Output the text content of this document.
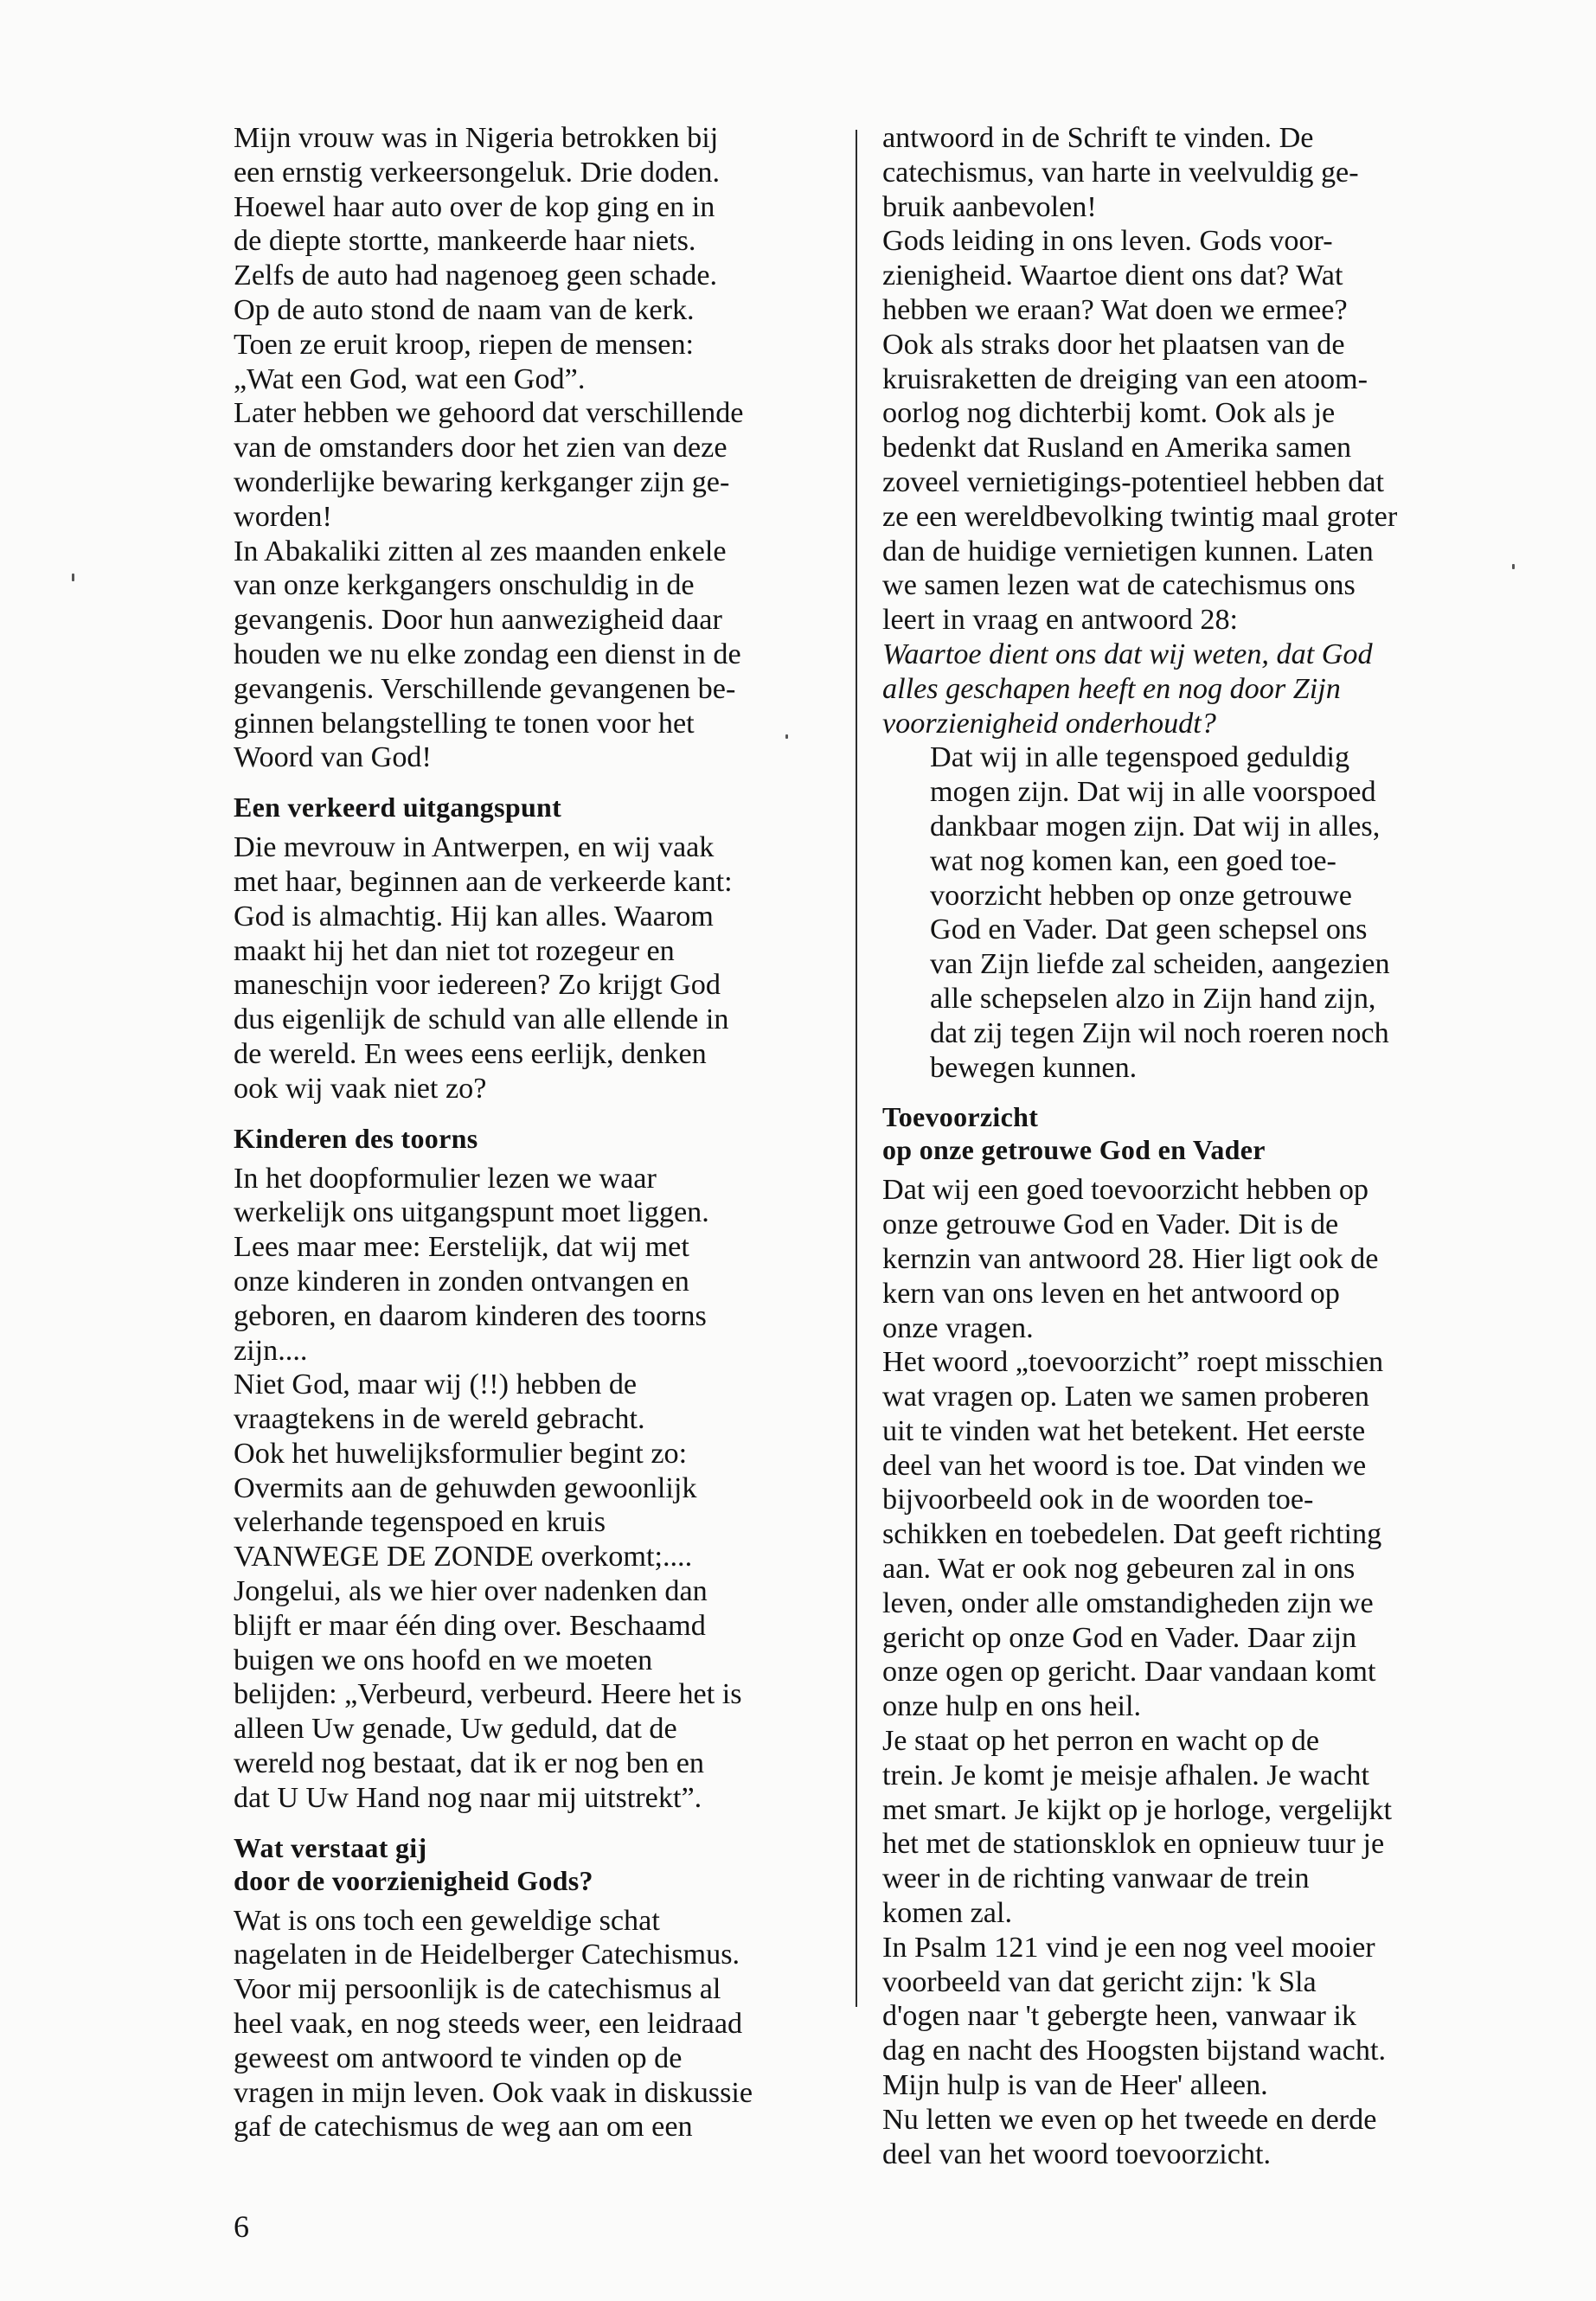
Mijn vrouw was in Nigeria betrokken bij
een ernstig verkeersongeluk. Drie doden.
Hoewel haar auto over de kop ging en in
de diepte stortte, mankeerde haar niets.
Zelfs de auto had nagenoeg geen schade.
Op de auto stond de naam van de kerk.
Toen ze eruit kroop, riepen de mensen:
„Wat een God, wat een God”.

Later hebben we gehoord dat verschillende
van de omstanders door het zien van deze
wonderlijke bewaring kerkganger zijn ge-
worden!

In Abakaliki zitten al zes maanden enkele
van onze kerkgangers onschuldig in de
gevangenis. Door hun aanwezigheid daar
houden we nu elke zondag een dienst in de
gevangenis. Verschillende gevangenen be-
ginnen belangstelling te tonen voor het
Woord van God!

Een verkeerd uitgangspunt

Die mevrouw in Antwerpen, en wij vaak
met haar, beginnen aan de verkeerde kant:
God is almachtig. Hij kan alles. Waarom
maakt hij het dan niet tot rozegeur en
maneschijn voor iedereen? Zo krijgt God
dus eigenlijk de schuld van alle ellende in
de wereld. En wees eens eerlijk, denken
ook wij vaak niet zo?

Kinderen des toorns

In het doopformulier lezen we waar
werkelijk ons uitgangspunt moet liggen.
Lees maar mee: Eerstelijk, dat wij met
onze kinderen in zonden ontvangen en
geboren, en daarom kinderen des toorns
zijn....

Niet God, maar wij (!!) hebben de
vraagtekens in de wereld gebracht.

Ook het huwelijksformulier begint zo:
Overmits aan de gehuwden gewoonlijk
velerhande tegenspoed en kruis
VANWEGE DE ZONDE overkomt;....

Jongelui, als we hier over nadenken dan
blijft er maar één ding over. Beschaamd
buigen we ons hoofd en we moeten
belijden: „Verbeurd, verbeurd. Heere het is
alleen Uw genade, Uw geduld, dat de
wereld nog bestaat, dat ik er nog ben en
dat U Uw Hand nog naar mij uitstrekt”.

Wat verstaat gij
door de voorzienigheid Gods?

Wat is ons toch een geweldige schat
nagelaten in de Heidelberger Catechismus.
Voor mij persoonlijk is de catechismus al
heel vaak, en nog steeds weer, een leidraad
geweest om antwoord te vinden op de
vragen in mijn leven. Ook vaak in diskussie
gaf de catechismus de weg aan om een

antwoord in de Schrift te vinden. De
catechismus, van harte in veelvuldig ge-
bruik aanbevolen!

Gods leiding in ons leven. Gods voor-
zienigheid. Waartoe dient ons dat? Wat
hebben we eraan? Wat doen we ermee?
Ook als straks door het plaatsen van de
kruisraketten de dreiging van een atoom-
oorlog nog dichterbij komt. Ook als je
bedenkt dat Rusland en Amerika samen
zoveel vernietigings-potentieel hebben dat
ze een wereldbevolking twintig maal groter
dan de huidige vernietigen kunnen. Laten
we samen lezen wat de catechismus ons
leert in vraag en antwoord 28:

Waartoe dient ons dat wij weten, dat God
alles geschapen heeft en nog door Zijn
voorzienigheid onderhoudt?

Dat wij in alle tegenspoed geduldig
mogen zijn. Dat wij in alle voorspoed
dankbaar mogen zijn. Dat wij in alles,
wat nog komen kan, een goed toe-
voorzicht hebben op onze getrouwe
God en Vader. Dat geen schepsel ons
van Zijn liefde zal scheiden, aangezien
alle schepselen alzo in Zijn hand zijn,
dat zij tegen Zijn wil noch roeren noch
bewegen kunnen.

Toevoorzicht
op onze getrouwe God en Vader

Dat wij een goed toevoorzicht hebben op
onze getrouwe God en Vader. Dit is de
kernzin van antwoord 28. Hier ligt ook de
kern van ons leven en het antwoord op
onze vragen.

Het woord „toevoorzicht” roept misschien
wat vragen op. Laten we samen proberen
uit te vinden wat het betekent. Het eerste
deel van het woord is toe. Dat vinden we
bijvoorbeeld ook in de woorden toe-
schikken en toebedelen. Dat geeft richting
aan. Wat er ook nog gebeuren zal in ons
leven, onder alle omstandigheden zijn we
gericht op onze God en Vader. Daar zijn
onze ogen op gericht. Daar vandaan komt
onze hulp en ons heil.

Je staat op het perron en wacht op de
trein. Je komt je meisje afhalen. Je wacht
met smart. Je kijkt op je horloge, vergelijkt
het met de stationsklok en opnieuw tuur je
weer in de richting vanwaar de trein
komen zal.

In Psalm 121 vind je een nog veel mooier
voorbeeld van dat gericht zijn: 'k Sla
d'ogen naar 't gebergte heen, vanwaar ik
dag en nacht des Hoogsten bijstand wacht.
Mijn hulp is van de Heer' alleen.

Nu letten we even op het tweede en derde
deel van het woord toevoorzicht.

6
